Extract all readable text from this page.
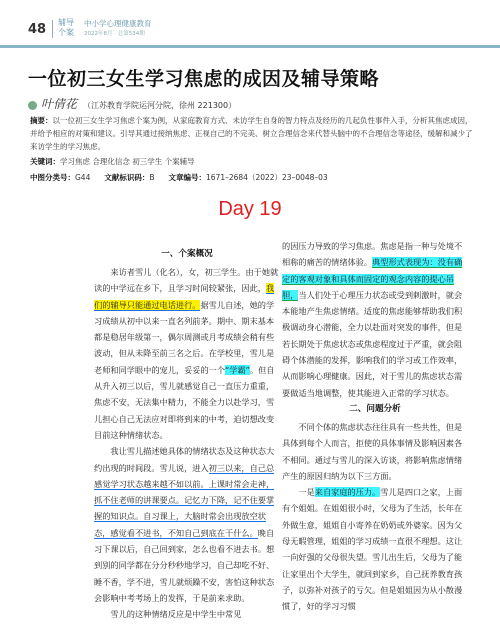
48 辅导个案
中小学心理健康教育
2022年8月 · 总第534期
一位初三女生学习焦虑的成因及辅导策略
叶倩花 （江苏教育学院运河分院，徐州 221300）
摘要：以一位初三女生学习焦虑个案为例，从家庭教育方式、未访学生自身的智力特点及经历的几起负性事件入手，分析其焦虑成因，并给予相应的对策和建议。引导其通过接纳焦虑、正视自己的不完美、树立合理信念来代替头脑中的不合理信念等途径，缓解和减少了来访学生的学习焦虑。
关键词：学习焦虑 合理化信念 初三学生 个案辅导
中图分类号：G44 文献标识码：B 文章编号：1671–2684（2022）23–0048–03
Day 19
一、个案概况

来访者雪儿（化名），女，初三学生。由于她就读的中学远在乡下，且学习时间较紧张，因此，我们的辅导只能通过电话进行。据雪儿自述，她的学习成绩从初中以来一直名列前茅。期中、期末基本都是稳居年级第一，偶尔周测或月考成绩会稍有些波动，但从未降至前三名之后。在学校里，雪儿是老师和同学眼中的宠儿，妥妥的一个“学霸”。但自从升入初三以后，雪儿就感觉自己一直压力重重，焦虑不安，无法集中精力，不能全力以赴学习，雪儿担心自己无法应对即将到来的中考，迫切想改变目前这种情绪状态。

我让雪儿描述她具体的情绪状态及这种状态大约出现的时间段。雪儿说，进入初三以来，自己总感觉学习状态越来越不如以前。上课时常会走神，抓不住老师的讲课要点。记忆力下降，记不住要掌握的知识点。自习课上，大脑时常会出现放空状态，感觉看不进书，不知自己到底在干什么。晚自习下课以后，自己回到家，怎么也看不进去书。想到别的同学都在分分秒秒地学习，自己却吃不好、睡不香，学不进，雪儿就烦躁不安，害怕这种状态会影响中考考场上的发挥，于是前来求助。

雪儿的这种情绪反应是中学生中常见

的因压力导致的学习焦虑。焦虑是指一种与处境不相称的痛苦的情绪体验。典型形式表现为：没有确定的客观对象和具体而固定的观念内容的提心吊胆，当人们处于心理压力状态或受到刺激时，就会本能地产生焦虑情绪。适度的焦虑能够帮助我们积极调动身心潜能，全力以赴面对突发的事件，但是若长期处于焦虑状态或焦虑程度过于严重，就会阻碍个体潜能的发挥，影响我们的学习或工作效率，从而影响心理健康。因此，对于雪儿的焦虑状态需要做适当地调整，使其能进入正常的学习状态。

二、问题分析

不同个体的焦虑状态往往具有一些共性，但是具体到每个人而言，拒使的具体事情及影响因素各不相同。通过与雪儿的深入访谈，将影响焦虑情绪产生的原因归纳为以下三方面。

一是来自家庭的压力。雪儿是四口之家，上面有个姐姐。在姐姐很小时，父母为了生活，长年在外做生意，姐姐自小寄养在奶奶或外婆家。因为父母无暇管理，姐姐的学习成绩一直很不理想。这让一向好强的父母很失望。雪儿出生后，父母为了能让家里出个大学生，就回到家乡，自己抚养教育孩子，以弥补对孩子的亏欠。但是姐姐因为从小散漫惯了，好的学习习惯
